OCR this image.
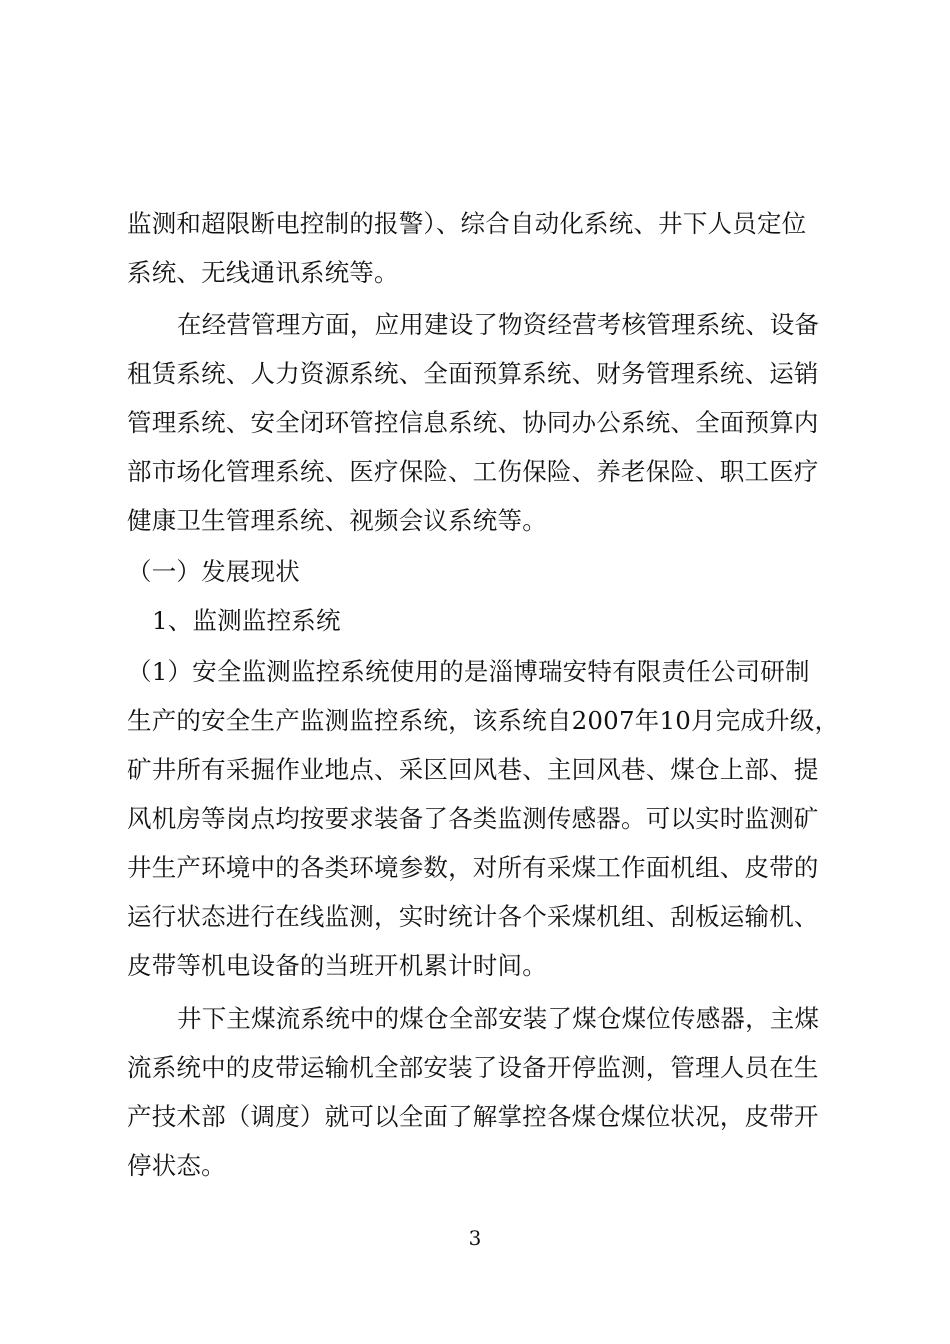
监测和超限断电控制的报警）、综合自动化系统、井下人员定位
系统、无线通讯系统等。
在经营管理方面，应用建设了物资经营考核管理系统、设备
租赁系统、人力资源系统、全面预算系统、财务管理系统、运销
管理系统、安全闭环管控信息系统、协同办公系统、全面预算内
部市场化管理系统、医疗保险、工伤保险、养老保险、职工医疗
健康卫生管理系统、视频会议系统等。
（一）发展现状
1、监测监控系统
（1）安全监测监控系统使用的是淄博瑞安特有限责任公司研制
生产的安全生产监测监控系统，该系统自2007年10月完成升级，
矿井所有采掘作业地点、采区回风巷、主回风巷、煤仓上部、提
风机房等岗点均按要求装备了各类监测传感器。可以实时监测矿
井生产环境中的各类环境参数，对所有采煤工作面机组、皮带的
运行状态进行在线监测，实时统计各个采煤机组、刮板运输机、
皮带等机电设备的当班开机累计时间。
井下主煤流系统中的煤仓全部安装了煤仓煤位传感器，主煤
流系统中的皮带运输机全部安装了设备开停监测，管理人员在生
产技术部（调度）就可以全面了解掌控各煤仓煤位状况，皮带开
停状态。
3
